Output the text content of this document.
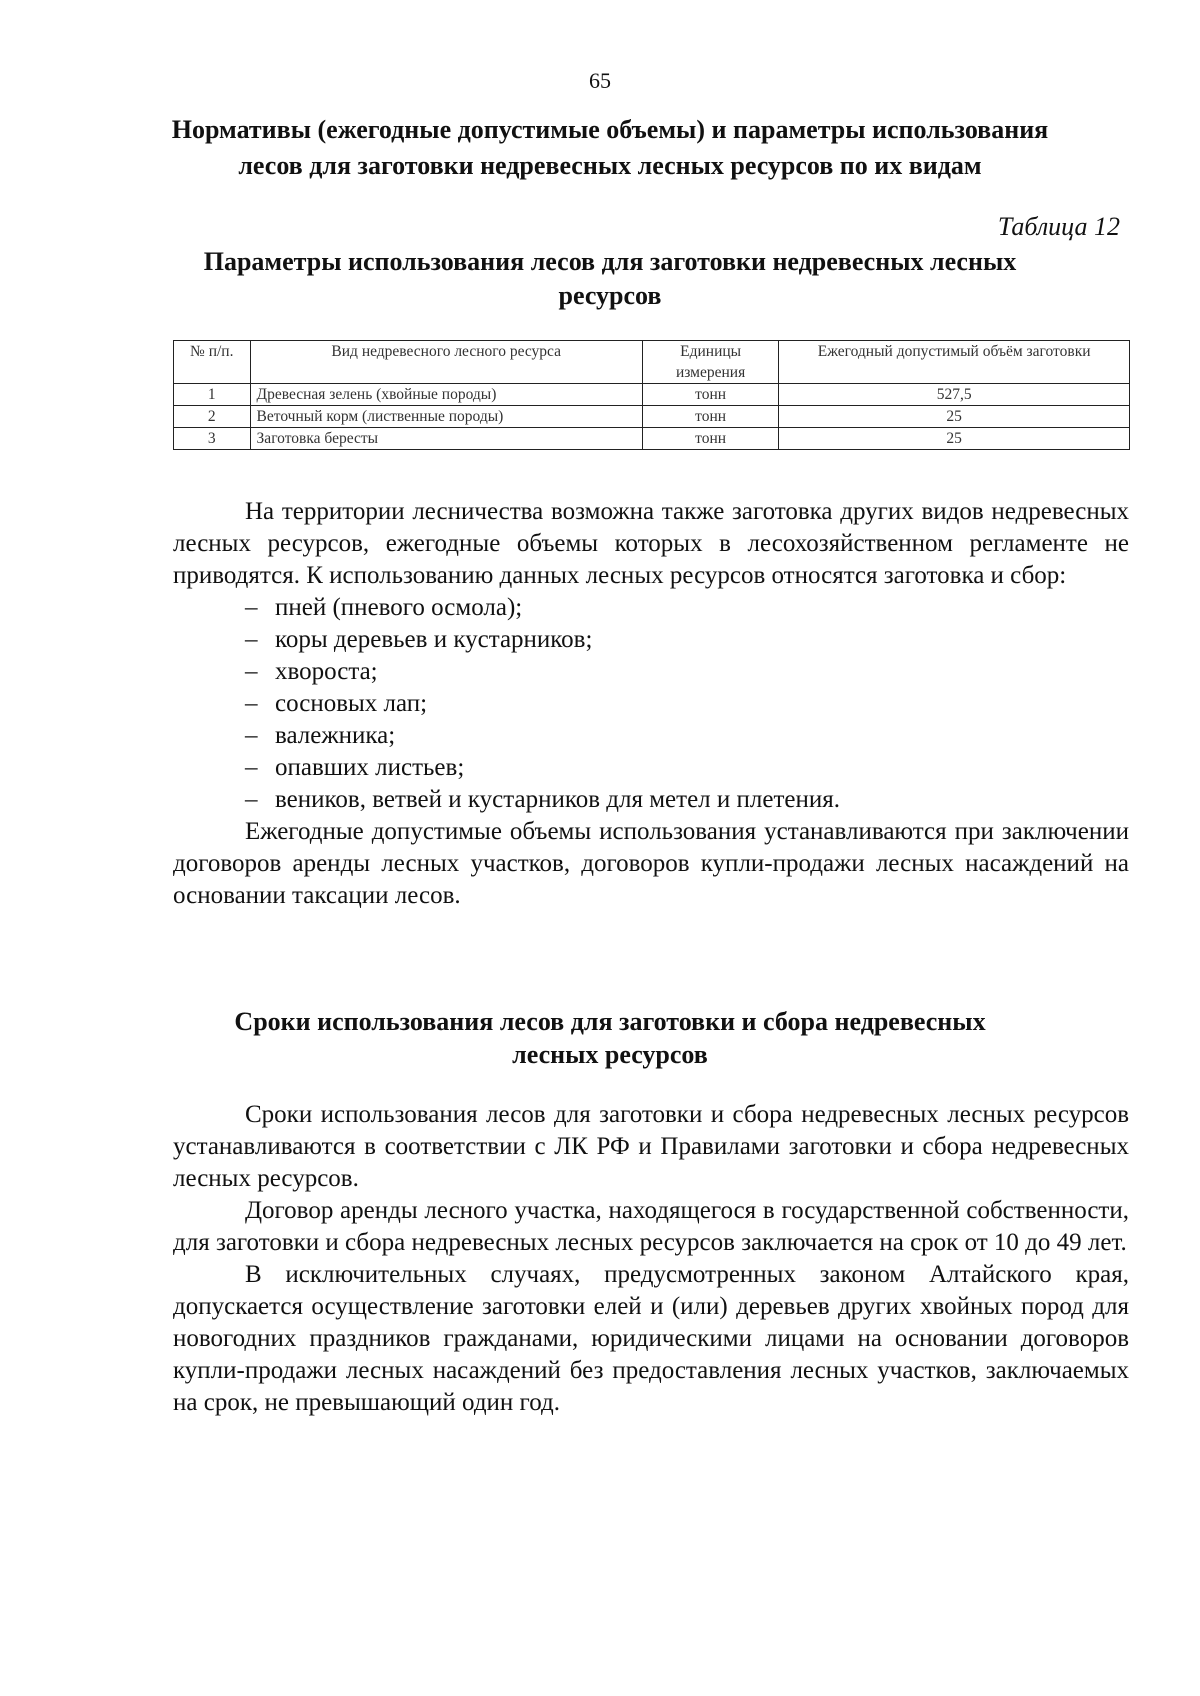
65
Нормативы (ежегодные допустимые объемы) и параметры использования лесов для заготовки недревесных лесных ресурсов по их видам
Таблица 12
Параметры использования лесов для заготовки недревесных лесных ресурсов
№ п/п.	Вид недревесного лесного ресурса	Единицы измерения	Ежегодный допустимый объём заготовки
1	Древесная зелень (хвойные породы)	тонн	527,5
2	Веточный корм (лиственные породы)	тонн	25
3	Заготовка бересты	тонн	25

На территории лесничества возможна также заготовка других видов недревесных лесных ресурсов, ежегодные объемы которых в лесохозяйственном регламенте не приводятся. К использованию данных лесных ресурсов относятся заготовка и сбор:

– пней (пневого осмола);
– коры деревьев и кустарников;
– хвороста;
– сосновых лап;
– валежника;
– опавших листьев;
– веников, ветвей и кустарников для метел и плетения.

Ежегодные допустимые объемы использования устанавливаются при заключении договоров аренды лесных участков, договоров купли-продажи лесных насаждений на основании таксации лесов.

Сроки использования лесов для заготовки и сбора недревесных лесных ресурсов

Сроки использования лесов для заготовки и сбора недревесных лесных ресурсов устанавливаются в соответствии с ЛК РФ и Правилами заготовки и сбора недревесных лесных ресурсов.

Договор аренды лесного участка, находящегося в государственной собственности, для заготовки и сбора недревесных лесных ресурсов заключается на срок от 10 до 49 лет.

В исключительных случаях, предусмотренных законом Алтайского края, допускается осуществление заготовки елей и (или) деревьев других хвойных пород для новогодних праздников гражданами, юридическими лицами на основании договоров купли-продажи лесных насаждений без предоставления лесных участков, заключаемых на срок, не превышающий один год.
